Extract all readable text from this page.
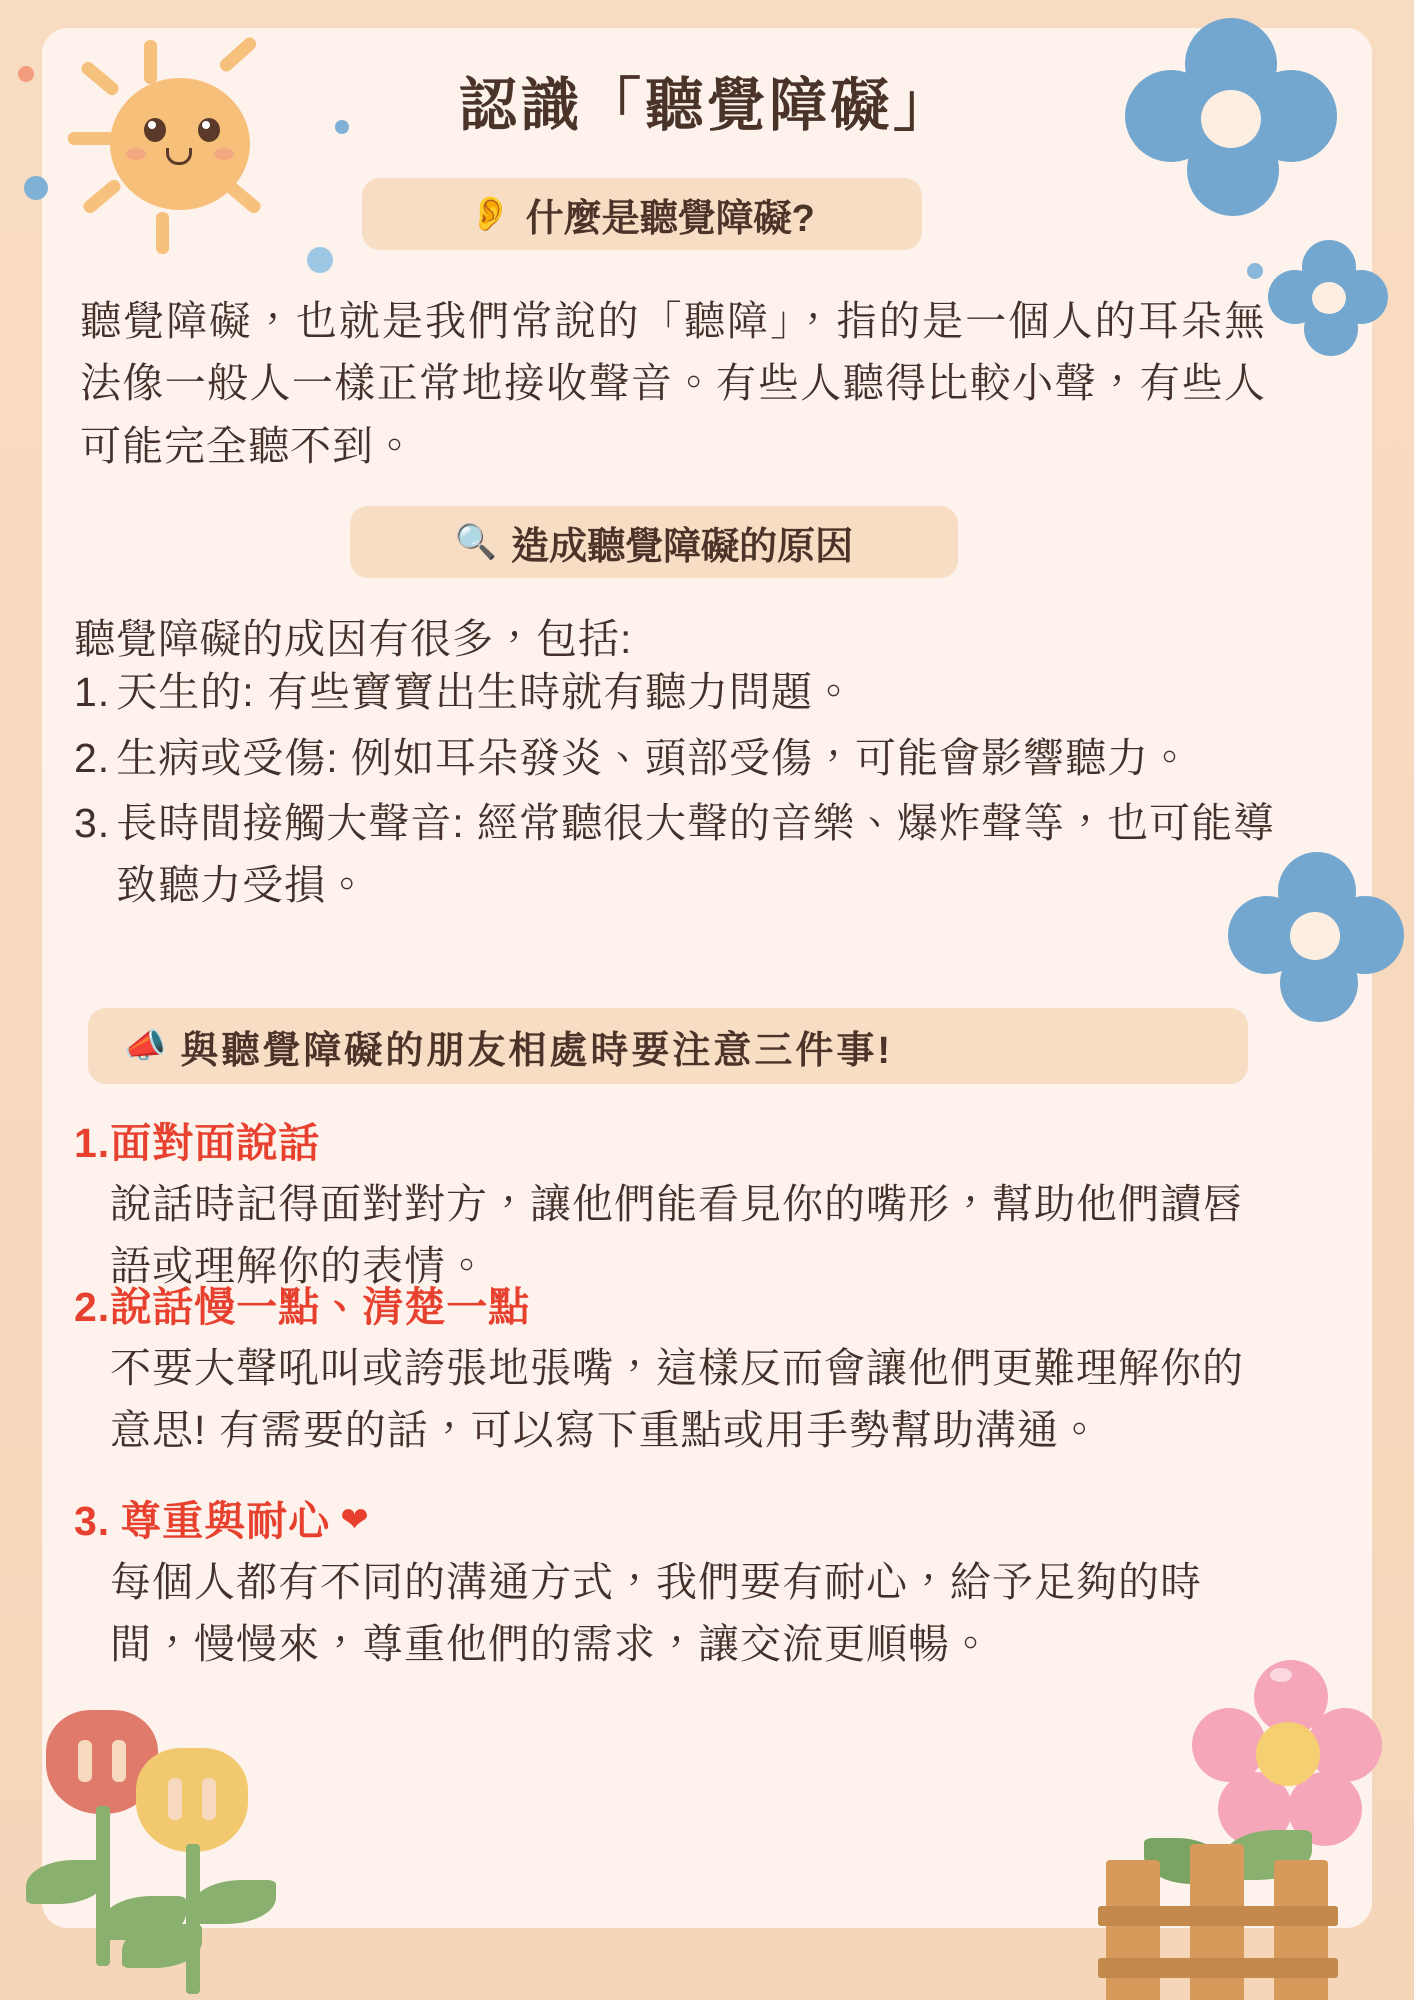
認識「聽覺障礙」
👂 什麼是聽覺障礙?
聽覺障礙，也就是我們常說的「聽障」，指的是一個人的耳朵無法像一般人一樣正常地接收聲音。有些人聽得比較小聲，有些人可能完全聽不到。
🔍 造成聽覺障礙的原因
聽覺障礙的成因有很多，包括:
1. 天生的: 有些寶寶出生時就有聽力問題。
2. 生病或受傷: 例如耳朵發炎、頭部受傷，可能會影響聽力。
3. 長時間接觸大聲音: 經常聽很大聲的音樂、爆炸聲等，也可能導致聽力受損。
📣 與聽覺障礙的朋友相處時要注意三件事!
1. 面對面說話
說話時記得面對對方，讓他們能看見你的嘴形，幫助他們讀唇語或理解你的表情。
2. 說話慢一點、清楚一點
不要大聲吼叫或誇張地張嘴，這樣反而會讓他們更難理解你的意思! 有需要的話，可以寫下重點或用手勢幫助溝通。
3. 尊重與耐心 ❤
每個人都有不同的溝通方式，我們要有耐心，給予足夠的時間，慢慢來，尊重他們的需求，讓交流更順暢。
